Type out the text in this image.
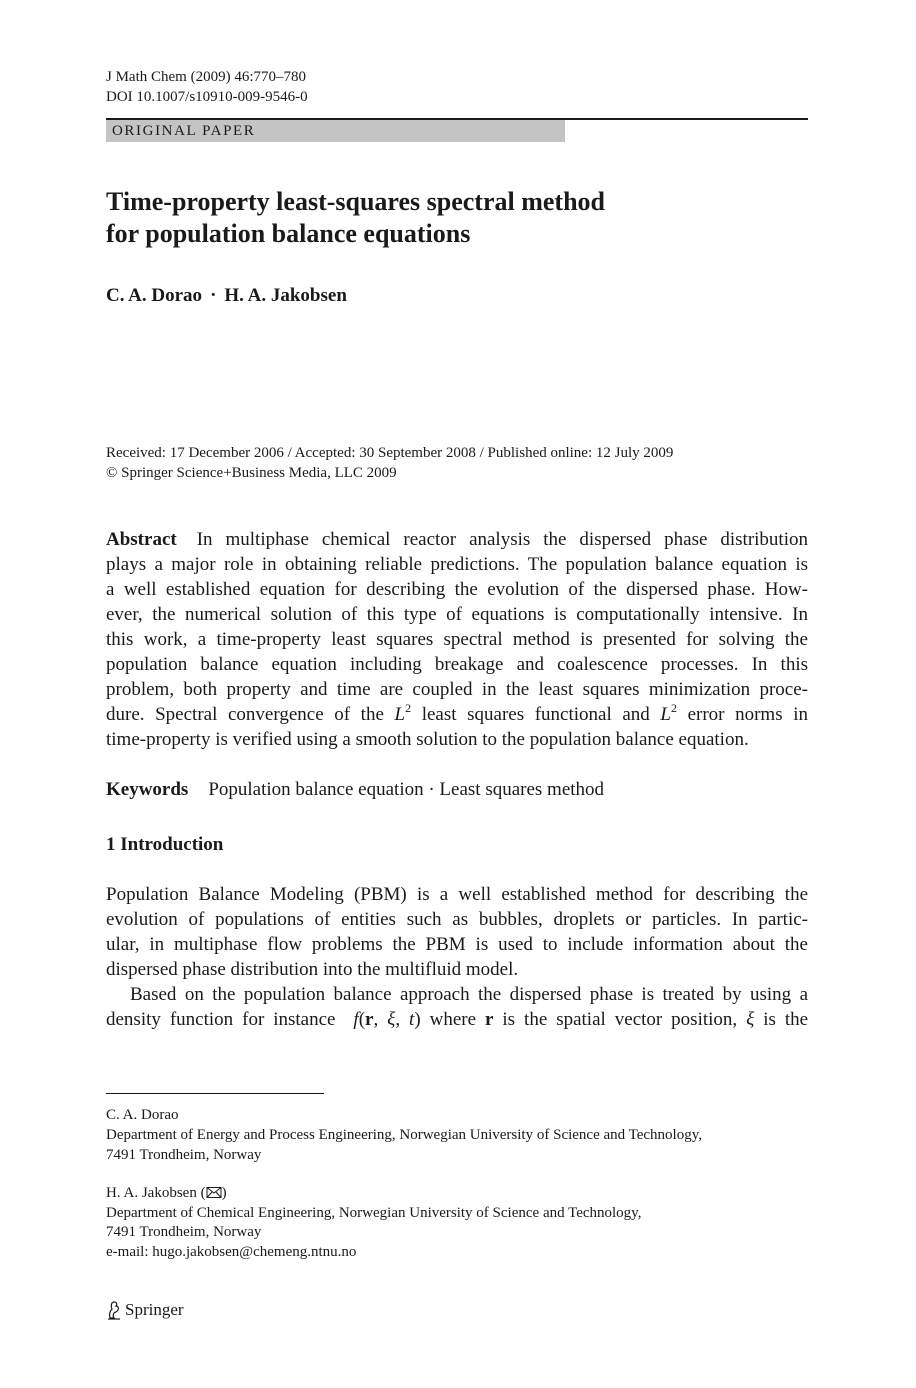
J Math Chem (2009) 46:770–780
DOI 10.1007/s10910-009-9546-0
ORIGINAL PAPER
Time-property least-squares spectral method
for population balance equations
C. A. Dorao · H. A. Jakobsen
Received: 17 December 2006 / Accepted: 30 September 2008 / Published online: 12 July 2009
© Springer Science+Business Media, LLC 2009
Abstract In multiphase chemical reactor analysis the dispersed phase distribution
plays a major role in obtaining reliable predictions. The population balance equation is
a well established equation for describing the evolution of the dispersed phase. How-
ever, the numerical solution of this type of equations is computationally intensive. In
this work, a time-property least squares spectral method is presented for solving the
population balance equation including breakage and coalescence processes. In this
problem, both property and time are coupled in the least squares minimization proce-
dure. Spectral convergence of the $L^2$ least squares functional and $L^2$ error norms in
time-property is verified using a smooth solution to the population balance equation.
Keywords Population balance equation · Least squares method
1 Introduction
Population Balance Modeling (PBM) is a well established method for describing the
evolution of populations of entities such as bubbles, droplets or particles. In partic-
ular, in multiphase flow problems the PBM is used to include information about the
dispersed phase distribution into the multifluid model.
Based on the population balance approach the dispersed phase is treated by using a
density function for instance f(r, ξ, t) where r is the spatial vector position, ξ is the
C. A. Dorao
Department of Energy and Process Engineering, Norwegian University of Science and Technology,
7491 Trondheim, Norway
H. A. Jakobsen ( )
Department of Chemical Engineering, Norwegian University of Science and Technology,
7491 Trondheim, Norway
e-mail: hugo.jakobsen@chemeng.ntnu.no
Springer
